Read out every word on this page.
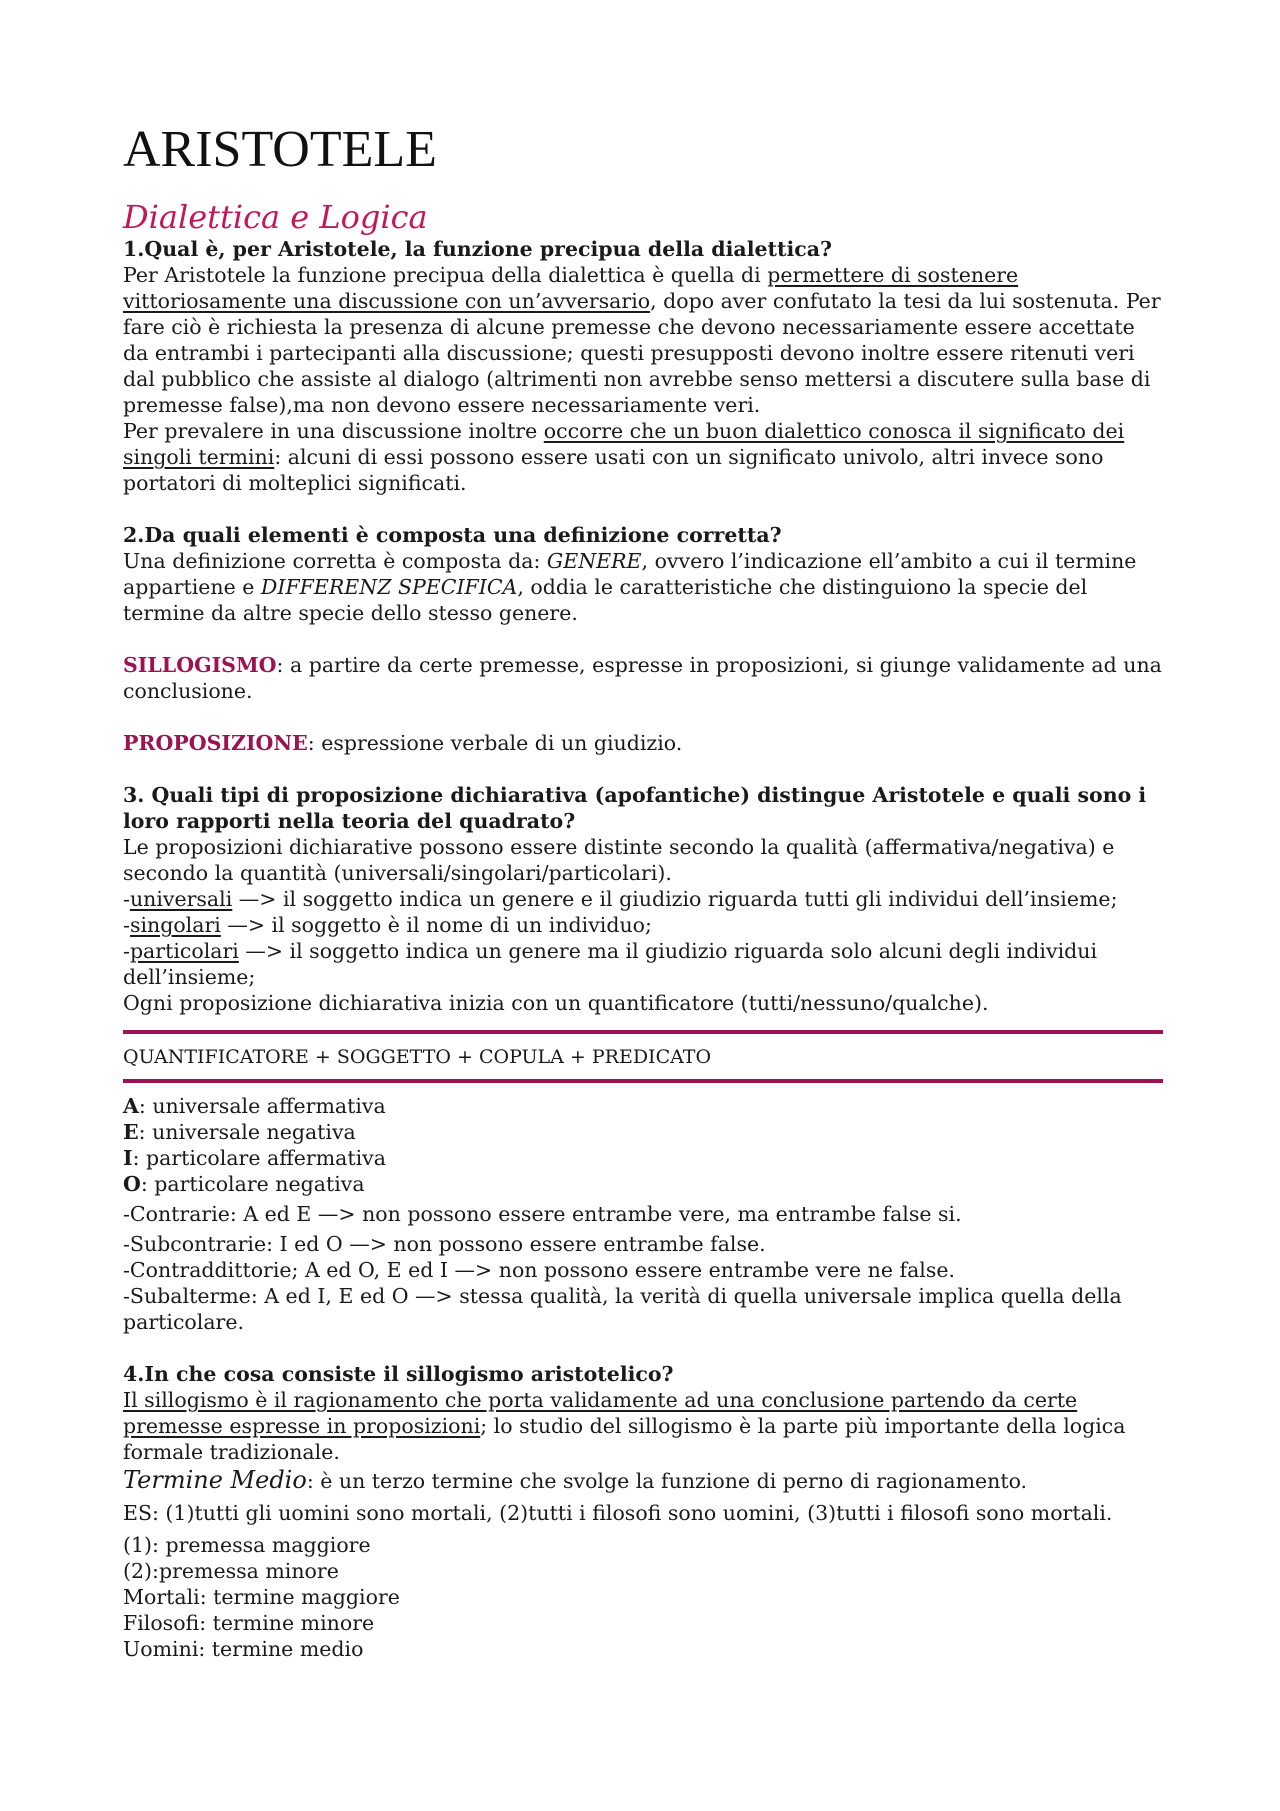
ARISTOTELE
Dialettica e Logica

1.Qual è, per Aristotele, la funzione precipua della dialettica?

Per Aristotele la funzione precipua della dialettica è quella di permettere di sostenere vittoriosamente una discussione con un’avversario, dopo aver confutato la tesi da lui sostenuta. Per fare ciò è richiesta la presenza di alcune premesse che devono necessariamente essere accettate da entrambi i partecipanti alla discussione; questi presupposti devono inoltre essere ritenuti veri dal pubblico che assiste al dialogo (altrimenti non avrebbe senso mettersi a discutere sulla base di premesse false),ma non devono essere necessariamente veri.

Per prevalere in una discussione inoltre occorre che un buon dialettico conosca il significato dei singoli termini: alcuni di essi possono essere usati con un significato univolo, altri invece sono portatori di molteplici significati.

2.Da quali elementi è composta una definizione corretta?

Una definizione corretta è composta da: GENERE, ovvero l’indicazione ell’ambito a cui il termine appartiene e DIFFERENZ SPECIFICA, oddia le caratteristiche che distinguiono la specie del termine da altre specie dello stesso genere.

SILLOGISMO: a partire da certe premesse, espresse in proposizioni, si giunge validamente ad una conclusione.

PROPOSIZIONE: espressione verbale di un giudizio.

3. Quali tipi di proposizione dichiarativa (apofantiche) distingue Aristotele e quali sono i loro rapporti nella teoria del quadrato?

Le proposizioni dichiarative possono essere distinte secondo la qualità (affermativa/negativa) e secondo la quantità (universali/singolari/particolari).

-universali —> il soggetto indica un genere e il giudizio riguarda tutti gli individui dell’insieme;

-singolari —> il soggetto è il nome di un individuo;

-particolari —> il soggetto indica un genere ma il giudizio riguarda solo alcuni degli individui dell’insieme;

Ogni proposizione dichiarativa inizia con un quantificatore (tutti/nessuno/qualche).

QUANTIFICATORE + SOGGETTO + COPULA + PREDICATO

A: universale affermativa

E: universale negativa

I: particolare affermativa

O: particolare negativa

-Contrarie: A ed E —> non possono essere entrambe vere, ma entrambe false si.

-Subcontrarie: I ed O —> non possono essere entrambe false.

-Contraddittorie; A ed O, E ed I —> non possono essere entrambe vere ne false.

-Subalterme: A ed I, E ed O —> stessa qualità, la verità di quella universale implica quella della particolare.

4.In che cosa consiste il sillogismo aristotelico?

Il sillogismo è il ragionamento che porta validamente ad una conclusione partendo da certe premesse espresse in proposizioni; lo studio del sillogismo è la parte più importante della logica formale tradizionale.

Termine Medio: è un terzo termine che svolge la funzione di perno di ragionamento.

ES: (1)tutti gli uomini sono mortali, (2)tutti i filosofi sono uomini, (3)tutti i filosofi sono mortali.

(1): premessa maggiore

(2):premessa minore

Mortali: termine maggiore

Filosofi: termine minore

Uomini: termine medio
